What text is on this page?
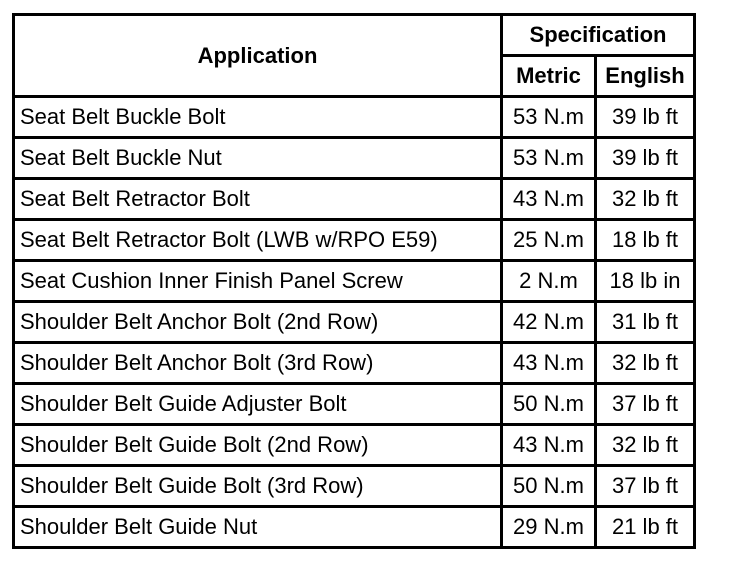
Application	Specification	
	Metric	English
Seat Belt Buckle Bolt	53 N.m	39 lb ft
Seat Belt Buckle Nut	53 N.m	39 lb ft
Seat Belt Retractor Bolt	43 N.m	32 lb ft
Seat Belt Retractor Bolt (LWB w/RPO E59)	25 N.m	18 lb ft
Seat Cushion Inner Finish Panel Screw	2 N.m	18 lb in
Shoulder Belt Anchor Bolt (2nd Row)	42 N.m	31 lb ft
Shoulder Belt Anchor Bolt (3rd Row)	43 N.m	32 lb ft
Shoulder Belt Guide Adjuster Bolt	50 N.m	37 lb ft
Shoulder Belt Guide Bolt (2nd Row)	43 N.m	32 lb ft
Shoulder Belt Guide Bolt (3rd Row)	50 N.m	37 lb ft
Shoulder Belt Guide Nut	29 N.m	21 lb ft
